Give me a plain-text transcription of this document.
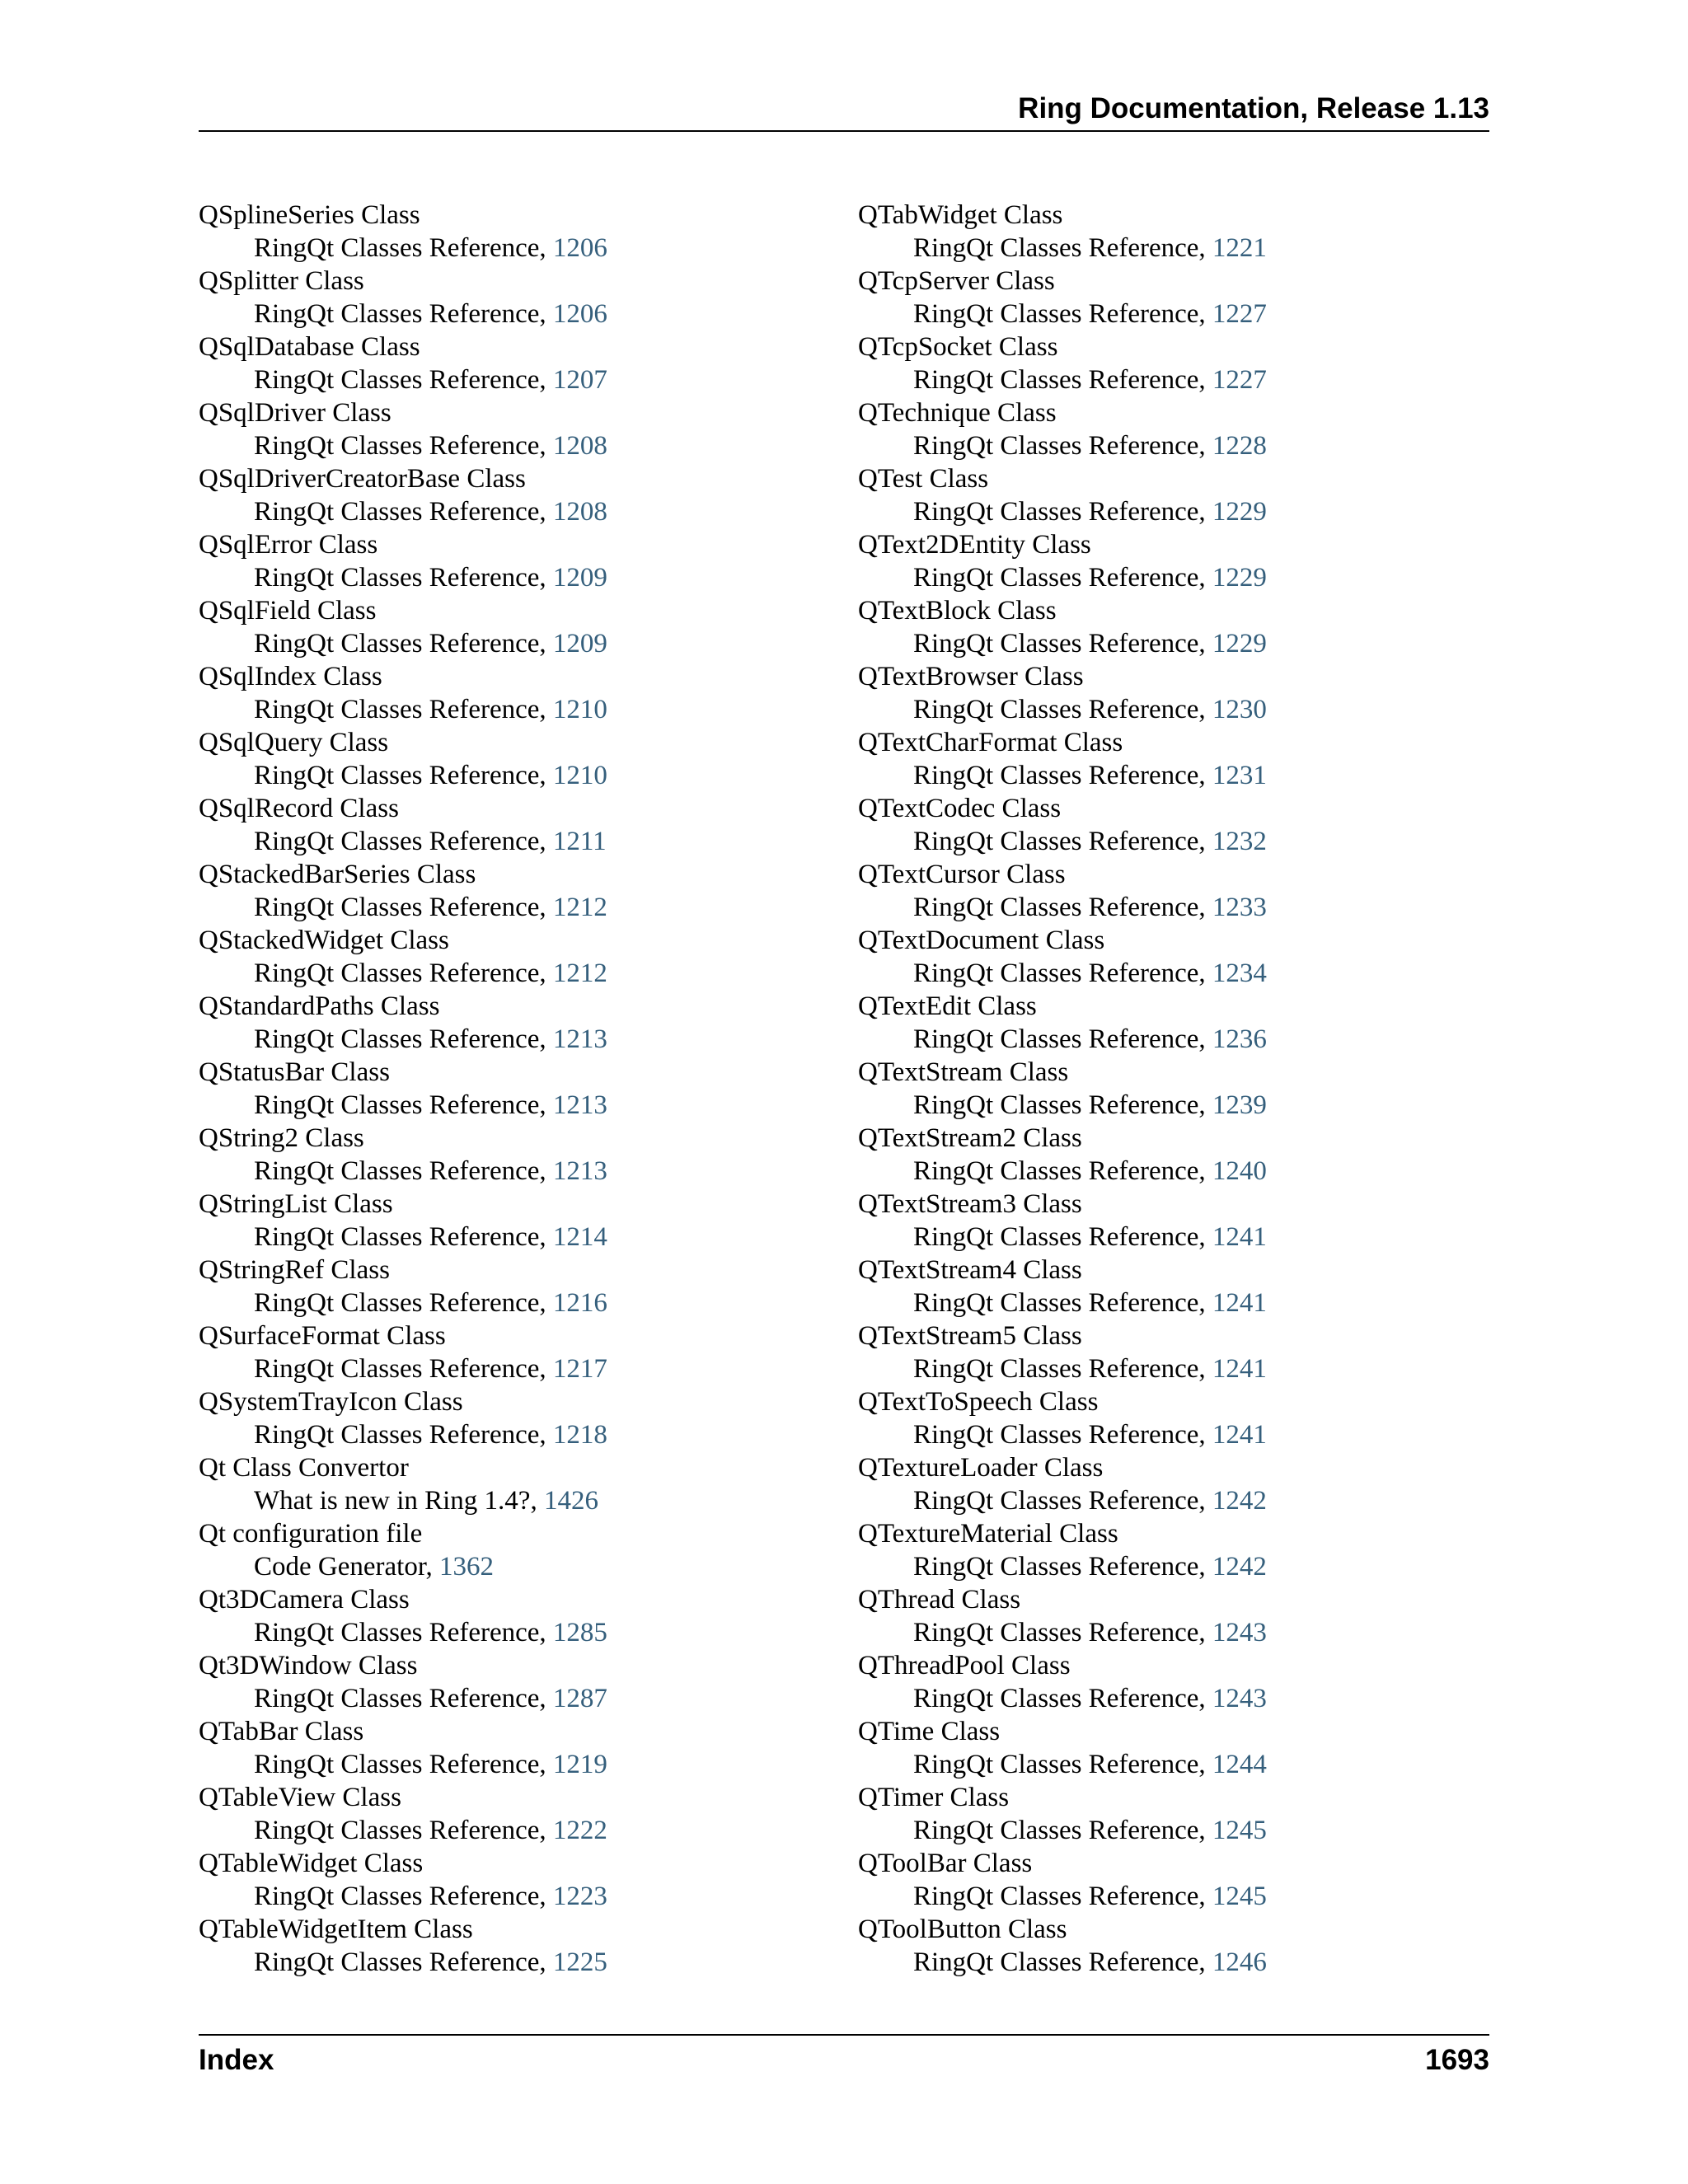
Ring Documentation, Release 1.13
QSplineSeries Class
RingQt Classes Reference, 1206
QSplitter Class
RingQt Classes Reference, 1206
QSqlDatabase Class
RingQt Classes Reference, 1207
QSqlDriver Class
RingQt Classes Reference, 1208
QSqlDriverCreatorBase Class
RingQt Classes Reference, 1208
QSqlError Class
RingQt Classes Reference, 1209
QSqlField Class
RingQt Classes Reference, 1209
QSqlIndex Class
RingQt Classes Reference, 1210
QSqlQuery Class
RingQt Classes Reference, 1210
QSqlRecord Class
RingQt Classes Reference, 1211
QStackedBarSeries Class
RingQt Classes Reference, 1212
QStackedWidget Class
RingQt Classes Reference, 1212
QStandardPaths Class
RingQt Classes Reference, 1213
QStatusBar Class
RingQt Classes Reference, 1213
QString2 Class
RingQt Classes Reference, 1213
QStringList Class
RingQt Classes Reference, 1214
QStringRef Class
RingQt Classes Reference, 1216
QSurfaceFormat Class
RingQt Classes Reference, 1217
QSystemTrayIcon Class
RingQt Classes Reference, 1218
Qt Class Convertor
What is new in Ring 1.4?, 1426
Qt configuration file
Code Generator, 1362
Qt3DCamera Class
RingQt Classes Reference, 1285
Qt3DWindow Class
RingQt Classes Reference, 1287
QTabBar Class
RingQt Classes Reference, 1219
QTableView Class
RingQt Classes Reference, 1222
QTableWidget Class
RingQt Classes Reference, 1223
QTableWidgetItem Class
RingQt Classes Reference, 1225
QTabWidget Class
RingQt Classes Reference, 1221
QTcpServer Class
RingQt Classes Reference, 1227
QTcpSocket Class
RingQt Classes Reference, 1227
QTechnique Class
RingQt Classes Reference, 1228
QTest Class
RingQt Classes Reference, 1229
QText2DEntity Class
RingQt Classes Reference, 1229
QTextBlock Class
RingQt Classes Reference, 1229
QTextBrowser Class
RingQt Classes Reference, 1230
QTextCharFormat Class
RingQt Classes Reference, 1231
QTextCodec Class
RingQt Classes Reference, 1232
QTextCursor Class
RingQt Classes Reference, 1233
QTextDocument Class
RingQt Classes Reference, 1234
QTextEdit Class
RingQt Classes Reference, 1236
QTextStream Class
RingQt Classes Reference, 1239
QTextStream2 Class
RingQt Classes Reference, 1240
QTextStream3 Class
RingQt Classes Reference, 1241
QTextStream4 Class
RingQt Classes Reference, 1241
QTextStream5 Class
RingQt Classes Reference, 1241
QTextToSpeech Class
RingQt Classes Reference, 1241
QTextureLoader Class
RingQt Classes Reference, 1242
QTextureMaterial Class
RingQt Classes Reference, 1242
QThread Class
RingQt Classes Reference, 1243
QThreadPool Class
RingQt Classes Reference, 1243
QTime Class
RingQt Classes Reference, 1244
QTimer Class
RingQt Classes Reference, 1245
QToolBar Class
RingQt Classes Reference, 1245
QToolButton Class
RingQt Classes Reference, 1246
Index	1693
